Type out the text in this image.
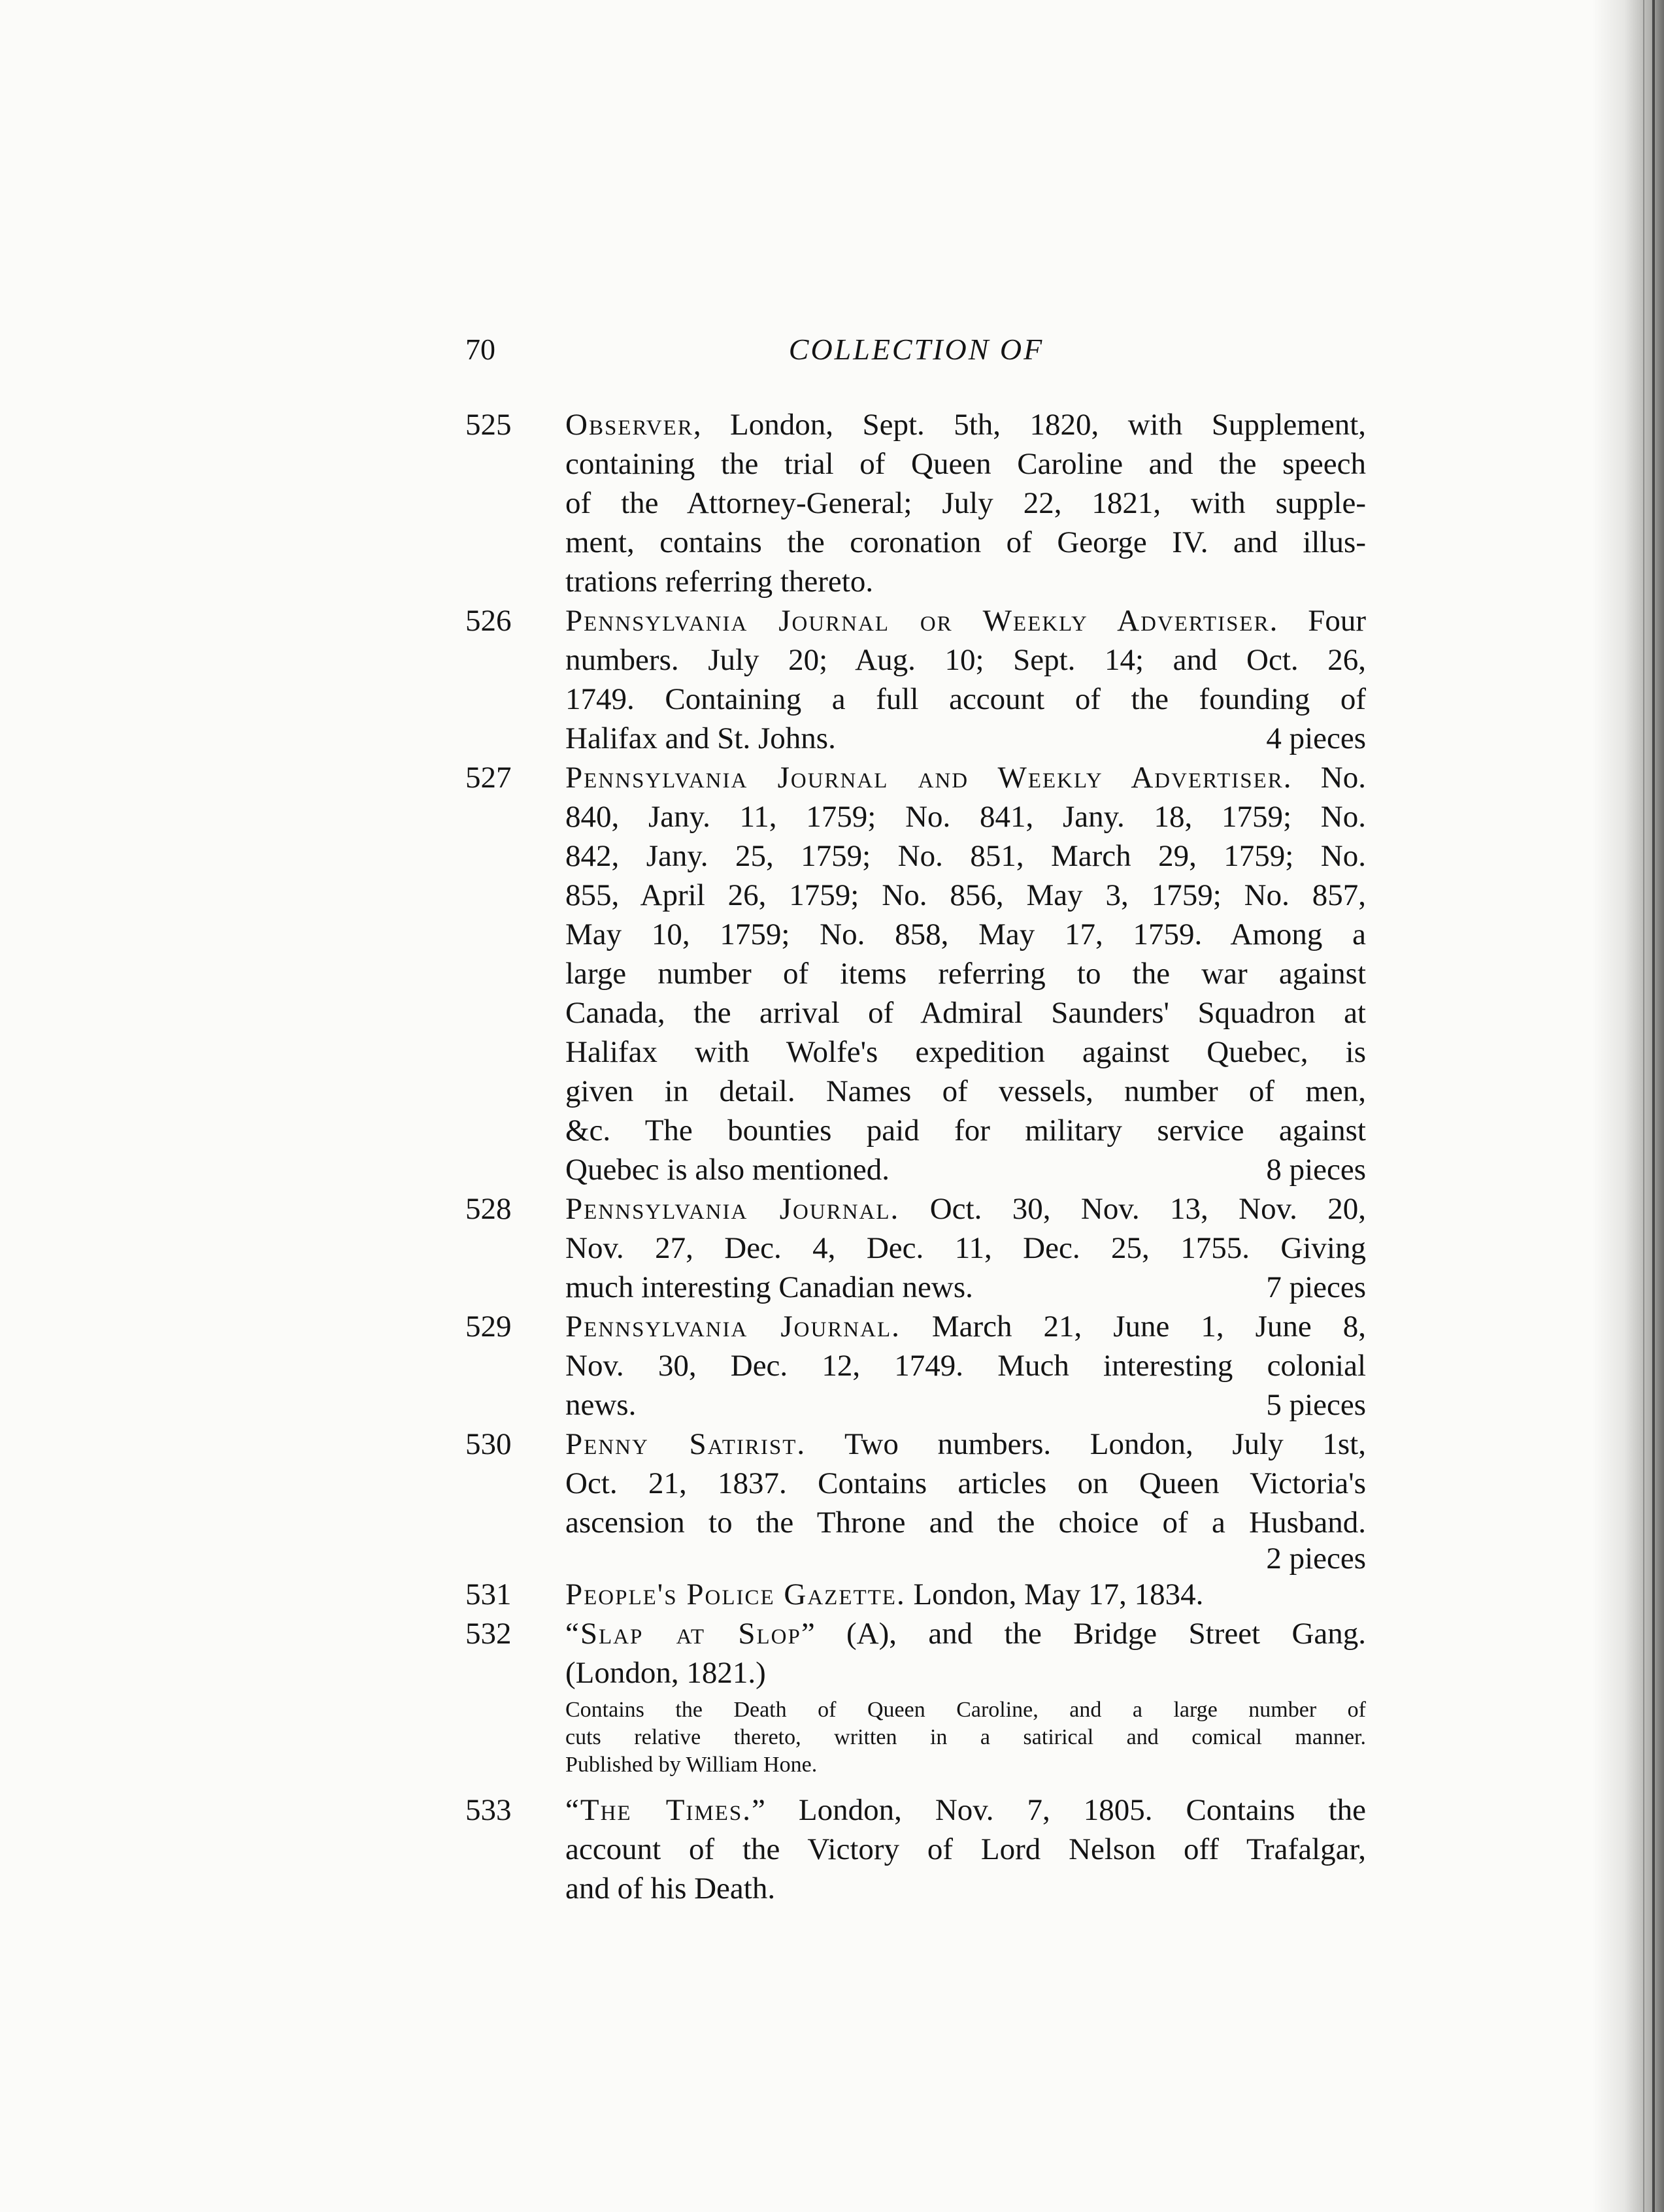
70	COLLECTION OF
525 Observer, London, Sept. 5th, 1820, with Supplement,
containing the trial of Queen Caroline and the speech
of the Attorney-General; July 22, 1821, with supple-
ment, contains the coronation of George IV. and illus-
trations referring thereto.
526 Pennsylvania Journal or Weekly Advertiser. Four
numbers. July 20; Aug. 10; Sept. 14; and Oct. 26,
1749. Containing a full account of the founding of
Halifax and St. Johns.	4 pieces
527 Pennsylvania Journal and Weekly Advertiser. No.
840, Jany. 11, 1759; No. 841, Jany. 18, 1759; No.
842, Jany. 25, 1759; No. 851, March 29, 1759; No.
855, April 26, 1759; No. 856, May 3, 1759; No. 857,
May 10, 1759; No. 858, May 17, 1759. Among a
large number of items referring to the war against
Canada, the arrival of Admiral Saunders' Squadron at
Halifax with Wolfe's expedition against Quebec, is
given in detail. Names of vessels, number of men,
&c. The bounties paid for military service against
Quebec is also mentioned.	8 pieces
528 Pennsylvania Journal. Oct. 30, Nov. 13, Nov. 20,
Nov. 27, Dec. 4, Dec. 11, Dec. 25, 1755. Giving
much interesting Canadian news.	7 pieces
529 Pennsylvania Journal. March 21, June 1, June 8,
Nov. 30, Dec. 12, 1749. Much interesting colonial
news.	5 pieces
530 Penny Satirist. Two numbers. London, July 1st,
Oct. 21, 1837. Contains articles on Queen Victoria's
ascension to the Throne and the choice of a Husband.
2 pieces
531 People's Police Gazette. London, May 17, 1834.
532 “Slap at Slop” (A), and the Bridge Street Gang.
(London, 1821.)
Contains the Death of Queen Caroline, and a large number of
cuts relative thereto, written in a satirical and comical manner.
Published by William Hone.
533 “The Times.” London, Nov. 7, 1805. Contains the
account of the Victory of Lord Nelson off Trafalgar,
and of his Death.
